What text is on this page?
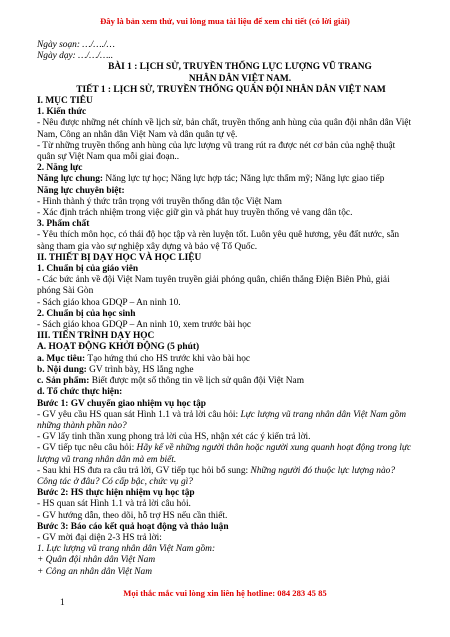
Đây là bản xem thử, vui lòng mua tài liệu để xem chi tiết (có lời giải)
Ngày soạn: …/…./…
Ngày dạy: …/…/…..
BÀI 1 : LỊCH SỬ, TRUYỀN THỐNG LỰC LƯỢNG VŨ TRANG
NHÂN DÂN VIỆT NAM.
TIẾT 1 : LỊCH SỬ, TRUYỀN THỐNG QUÂN ĐỘI NHÂN DÂN VIỆT NAM
I. MỤC TIÊU
1. Kiến thức
- Nêu được những nét chính về lịch sử, bản chất, truyền thống anh hùng của quân đội nhân dân Việt Nam, Công an nhân dân Việt Nam và dân quân tự vệ.
- Từ những truyền thống anh hùng của lực lượng vũ trang rút ra được nét cơ bản của nghệ thuật quân sự Việt Nam qua mỗi giai đoạn..
2. Năng lực
Năng lực chung: Năng lực tự học; Năng lực hợp tác; Năng lực thẩm mỹ; Năng lực giao tiếp
Năng lực chuyên biệt:
- Hình thành ý thức trân trọng với truyền thống dân tộc Việt Nam
- Xác định trách nhiệm trong việc giữ gìn và phát huy truyền thống vẻ vang dân tộc.
3. Phẩm chất
- Yêu thích môn học, có thái độ học tập và rèn luyện tốt. Luôn yêu quê hương, yêu đất nước, sẵn sàng tham gia vào sự nghiệp xây dựng và bảo vệ Tổ Quốc.
II. THIẾT BỊ DẠY HỌC VÀ HỌC LIỆU
1. Chuẩn bị của giáo viên
- Các bức ảnh về đội Việt Nam tuyên truyền giải phóng quân, chiến thắng Điện Biên Phủ, giải phóng Sài Gòn
- Sách giáo khoa GDQP – An ninh 10.
2. Chuẩn bị của học sinh
- Sách giáo khoa GDQP – An ninh 10, xem trước bài học
III. TIẾN TRÌNH DẠY HỌC
A. HOẠT ĐỘNG KHỞI ĐỘNG (5 phút)
a. Mục tiêu: Tạo hứng thú cho HS trước khi vào bài học
b. Nội dung: GV trình bày, HS lắng nghe
c. Sản phẩm: Biết được một số thông tin về lịch sử quân đội Việt Nam
d. Tổ chức thực hiện:
Bước 1: GV chuyển giao nhiệm vụ học tập
- GV yêu cầu HS quan sát Hình 1.1 và trả lời câu hỏi: Lực lượng vũ trang nhân dân Việt Nam gồm những thành phần nào?
- GV lấy tinh thần xung phong trả lời của HS, nhận xét các ý kiến trả lời.
- GV tiếp tục nêu câu hỏi: Hãy kể về những người thân hoặc người xung quanh hoạt động trong lực lượng vũ trang nhân dân mà em biết.
- Sau khi HS đưa ra câu trả lời, GV tiếp tục hỏi bổ sung: Những người đó thuộc lực lượng nào? Công tác ở đâu? Có cấp bậc, chức vụ gì?
Bước 2: HS thực hiện nhiệm vụ học tập
- HS quan sát Hình 1.1 và trả lời câu hỏi.
- GV hướng dẫn, theo dõi, hỗ trợ HS nếu cần thiết.
Bước 3: Báo cáo kết quả hoạt động và thảo luận
- GV mời đại diện 2-3 HS trả lời:
1. Lực lượng vũ trang nhân dân Việt Nam gồm:
+ Quân đội nhân dân Việt Nam
+ Công an nhân dân Việt Nam
1
Mọi thắc mắc vui lòng xin liên hệ hotline: 084 283 45 85
